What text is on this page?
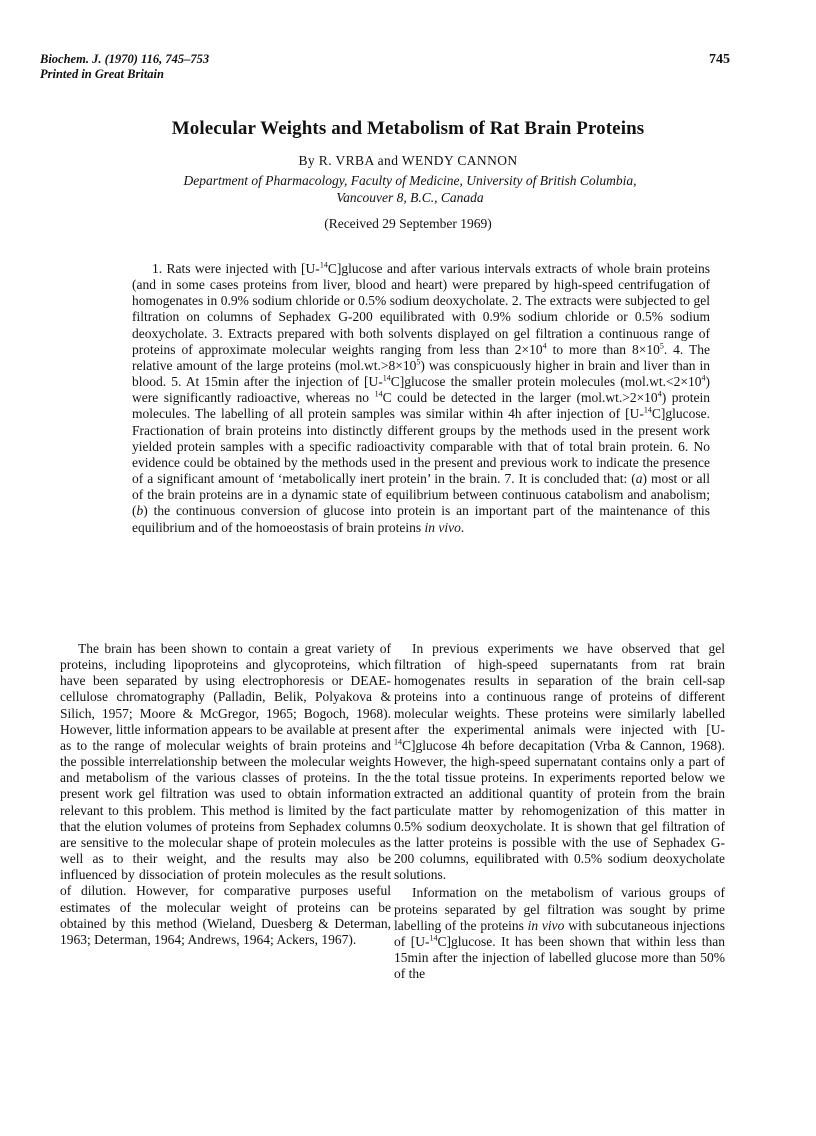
Biochem. J. (1970) 116, 745–753
Printed in Great Britain
745
Molecular Weights and Metabolism of Rat Brain Proteins
By R. VRBA and WENDY CANNON
Department of Pharmacology, Faculty of Medicine, University of British Columbia,
Vancouver 8, B.C., Canada
(Received 29 September 1969)
1. Rats were injected with [U-$^{14}$C]glucose and after various intervals extracts of whole brain proteins (and in some cases proteins from liver, blood and heart) were prepared by high-speed centrifugation of homogenates in 0.9% sodium chloride or 0.5% sodium deoxycholate. 2. The extracts were subjected to gel filtration on columns of Sephadex G-200 equilibrated with 0.9% sodium chloride or 0.5% sodium deoxycholate. 3. Extracts prepared with both solvents displayed on gel filtration a continuous range of proteins of approximate molecular weights ranging from less than $2\times 10^4$ to more than $8\times 10^5$. 4. The relative amount of the large proteins $(mol.wt.>8\times 10^5)$ was conspicuously higher in brain and liver than in blood. 5. At 15min after the injection of [U-$^{14}$C]glucose the smaller protein molecules $(mol.wt.<2\times 10^4)$ were significantly radioactive, whereas no $^{14}$C could be detected in the larger $(mol.wt.>2\times 10^4)$ protein molecules. The labelling of all protein samples was similar within 4h after injection of [U-$^{14}$C]glucose. Fractionation of brain proteins into distinctly different groups by the methods used in the present work yielded protein samples with a specific radioactivity comparable with that of total brain protein. 6. No evidence could be obtained by the methods used in the present and previous work to indicate the presence of a significant amount of ‘metabolically inert protein’ in the brain. 7. It is concluded that: (a) most or all of the brain proteins are in a dynamic state of equilibrium between continuous catabolism and anabolism; (b) the continuous conversion of glucose into protein is an important part of the maintenance of this equilibrium and of the homoeostasis of brain proteins in vivo.

The brain has been shown to contain a great variety of proteins, including lipoproteins and glycoproteins, which have been separated by using electrophoresis or DEAE-cellulose chromatography (Palladin, Belik, Polyakova & Silich, 1957; Moore & McGregor, 1965; Bogoch, 1968). However, little information appears to be available at present as to the range of molecular weights of brain proteins and the possible interrelationship between the molecular weights and metabolism of the various classes of proteins. In the present work gel filtration was used to obtain information relevant to this problem. This method is limited by the fact that the elution volumes of proteins from Sephadex columns are sensitive to the molecular shape of protein molecules as well as to their weight, and the results may also be influenced by dissociation of protein molecules as the result of dilution. However, for comparative purposes useful estimates of the molecular weight of proteins can be obtained by this method (Wieland, Duesberg & Determan, 1963; Determan, 1964; Andrews, 1964; Ackers, 1967).

In previous experiments we have observed that gel filtration of high-speed supernatants from rat brain homogenates results in separation of the brain cell-sap proteins into a continuous range of proteins of different molecular weights. These proteins were similarly labelled after the experimental animals were injected with [U-$^{14}$C]glucose 4h before decapitation (Vrba & Cannon, 1968). However, the high-speed supernatant contains only a part of the total tissue proteins. In experiments reported below we extracted an additional quantity of protein from the brain particulate matter by rehomogenization of this matter in 0.5% sodium deoxycholate. It is shown that gel filtration of the latter proteins is possible with the use of Sephadex G-200 columns, equilibrated with 0.5% sodium deoxycholate solutions.

Information on the metabolism of various groups of proteins separated by gel filtration was sought by prime labelling of the proteins in vivo with subcutaneous injections of [U-$^{14}$C]glucose. It has been shown that within less than 15min after the injection of labelled glucose more than 50% of the
